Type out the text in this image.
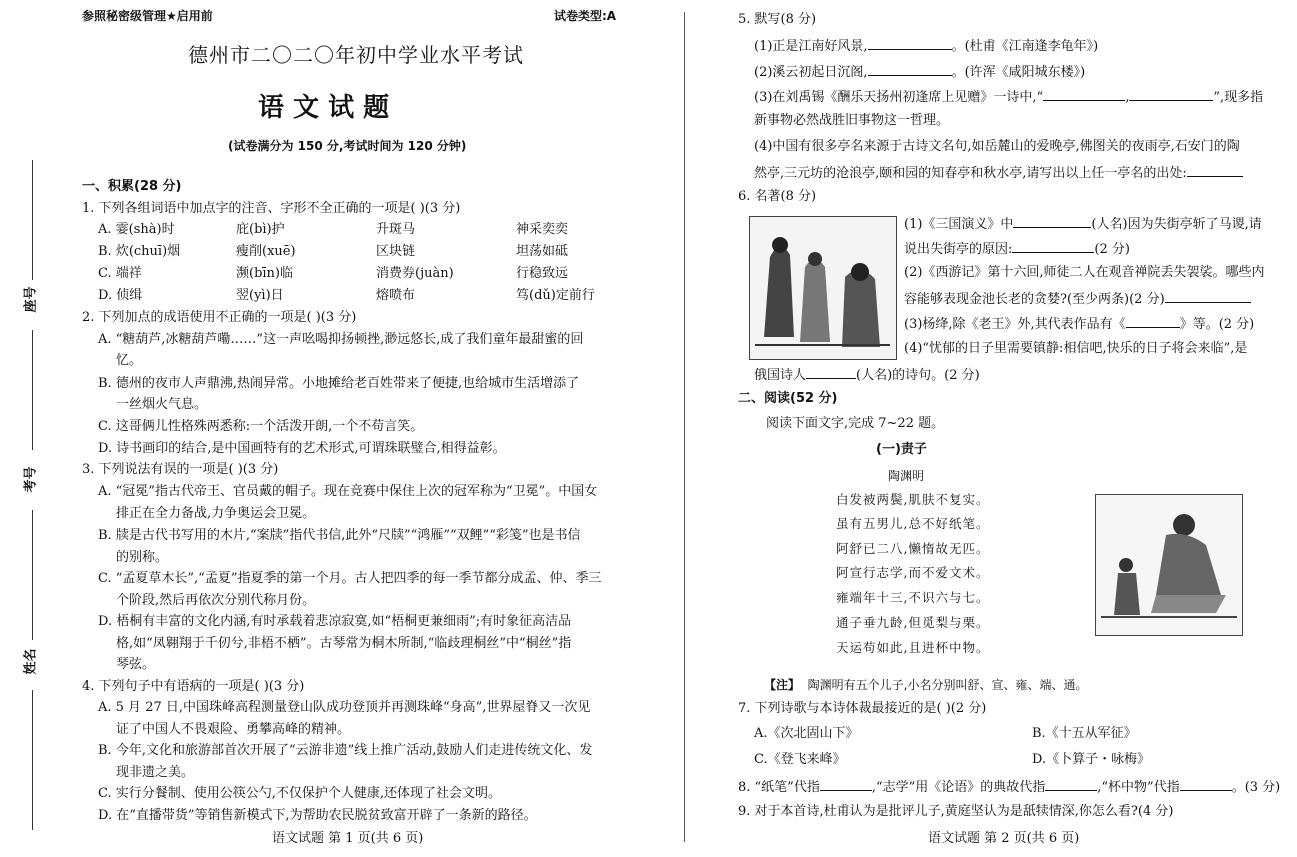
座号
考号
姓名
参照秘密级管理★启用前	试卷类型:A
德州市二〇二〇年初中学业水平考试
语 文 试 题
(试卷满分为 150 分,考试时间为 120 分钟)
一、积累(28 分)
1. 下列各组词语中加点字的注音、字形不全正确的一项是( )(3 分)
A. 霎(shà)时	庇(bì)护	升斑马	神采奕奕
B. 炊(chuī)烟	瘦削(xuē)	区块链	坦荡如砥
C. 端祥	濒(bīn)临	消费券(juàn)	行稳致远
D. 侦缉	翌(yì)日	熔喷布	笃(dǔ)定前行
2. 下列加点的成语使用不正确的一项是( )(3 分)
A. “糖葫芦,冰糖葫芦嘞……”这一声吆喝抑扬顿挫,渺远悠长,成了我们童年最甜蜜的回
忆。
B. 德州的夜市人声鼎沸,热闹异常。小地摊给老百姓带来了便捷,也给城市生活增添了
一丝烟火气息。
C. 这哥俩儿性格殊两悉称:一个活泼开朗,一个不苟言笑。
D. 诗书画印的结合,是中国画特有的艺术形式,可谓珠联璧合,相得益彰。
3. 下列说法有误的一项是( )(3 分)
A. “冠冕”指古代帝王、官员戴的帽子。现在竞赛中保住上次的冠军称为“卫冕”。中国女
排正在全力备战,力争奥运会卫冕。
B. 牍是古代书写用的木片,“案牍”指代书信,此外“尺牍”“鸿雁”“双鲤”“彩笺”也是书信
的别称。
C. “孟夏草木长”,“孟夏”指夏季的第一个月。古人把四季的每一季节都分成孟、仲、季三
个阶段,然后再依次分别代称月份。
D. 梧桐有丰富的文化内涵,有时承载着悲凉寂寞,如“梧桐更兼细雨”;有时象征高洁品
格,如“凤翱翔于千仞兮,非梧不栖”。古琴常为桐木所制,“临歧理桐丝”中“桐丝”指
琴弦。
4. 下列句子中有语病的一项是( )(3 分)
A. 5 月 27 日,中国珠峰高程测量登山队成功登顶并再测珠峰“身高”,世界屋脊又一次见
证了中国人不畏艰险、勇攀高峰的精神。
B. 今年,文化和旅游部首次开展了“云游非遗”线上推广活动,鼓励人们走进传统文化、发
现非遗之美。
C. 实行分餐制、使用公筷公勺,不仅保护个人健康,还体现了社会文明。
D. 在“直播带货”等销售新模式下,为帮助农民脱贫致富开辟了一条新的路径。
语文试题 第 1 页(共 6 页)
5. 默写(8 分)
(1)正是江南好风景,	。(杜甫《江南逢李龟年》)
(2)溪云初起日沉阁,	。(许浑《咸阳城东楼》)
(3)在刘禹锡《酬乐天扬州初逢席上见赠》一诗中,“	,	”,现多指
新事物必然战胜旧事物这一哲理。
(4)中国有很多亭名来源于古诗文名句,如岳麓山的爱晚亭,佛图关的夜雨亭,石安门的陶
然亭,三元坊的沧浪亭,颐和园的知春亭和秋水亭,请写出以上任一亭名的出处:
6. 名著(8 分)
(1)《三国演义》中	(人名)因为失街亭斩了马谡,请
说出失街亭的原因:	(2 分)
(2)《西游记》第十六回,师徒二人在观音禅院丢失袈裟。哪些内
容能够表现金池长老的贪婪?(至少两条)(2 分)
(3)杨绛,除《老王》外,其代表作品有《	》等。(2 分)
(4)“忧郁的日子里需要镇静:相信吧,快乐的日子将会来临”,是
俄国诗人	(人名)的诗句。(2 分)
二、阅读(52 分)
阅读下面文字,完成 7~22 题。
(一)责子
陶渊明
白发被两鬓,肌肤不复实。
虽有五男儿,总不好纸笔。
阿舒已二八,懒惰故无匹。
阿宣行志学,而不爱文术。
雍端年十三,不识六与七。
通子垂九龄,但觅梨与栗。
天运苟如此,且进杯中物。
【注】 陶渊明有五个儿子,小名分别叫舒、宣、雍、端、通。
7. 下列诗歌与本诗体裁最接近的是( )(2 分)
A.《次北固山下》	B.《十五从军征》
C.《登飞来峰》	D.《卜算子・咏梅》
8. “纸笔”代指	,“志学”用《论语》的典故代指	,“杯中物”代指	。(3 分)
9. 对于本首诗,杜甫认为是批评儿子,黄庭坚认为是舐犊情深,你怎么看?(4 分)
语文试题 第 2 页(共 6 页)
